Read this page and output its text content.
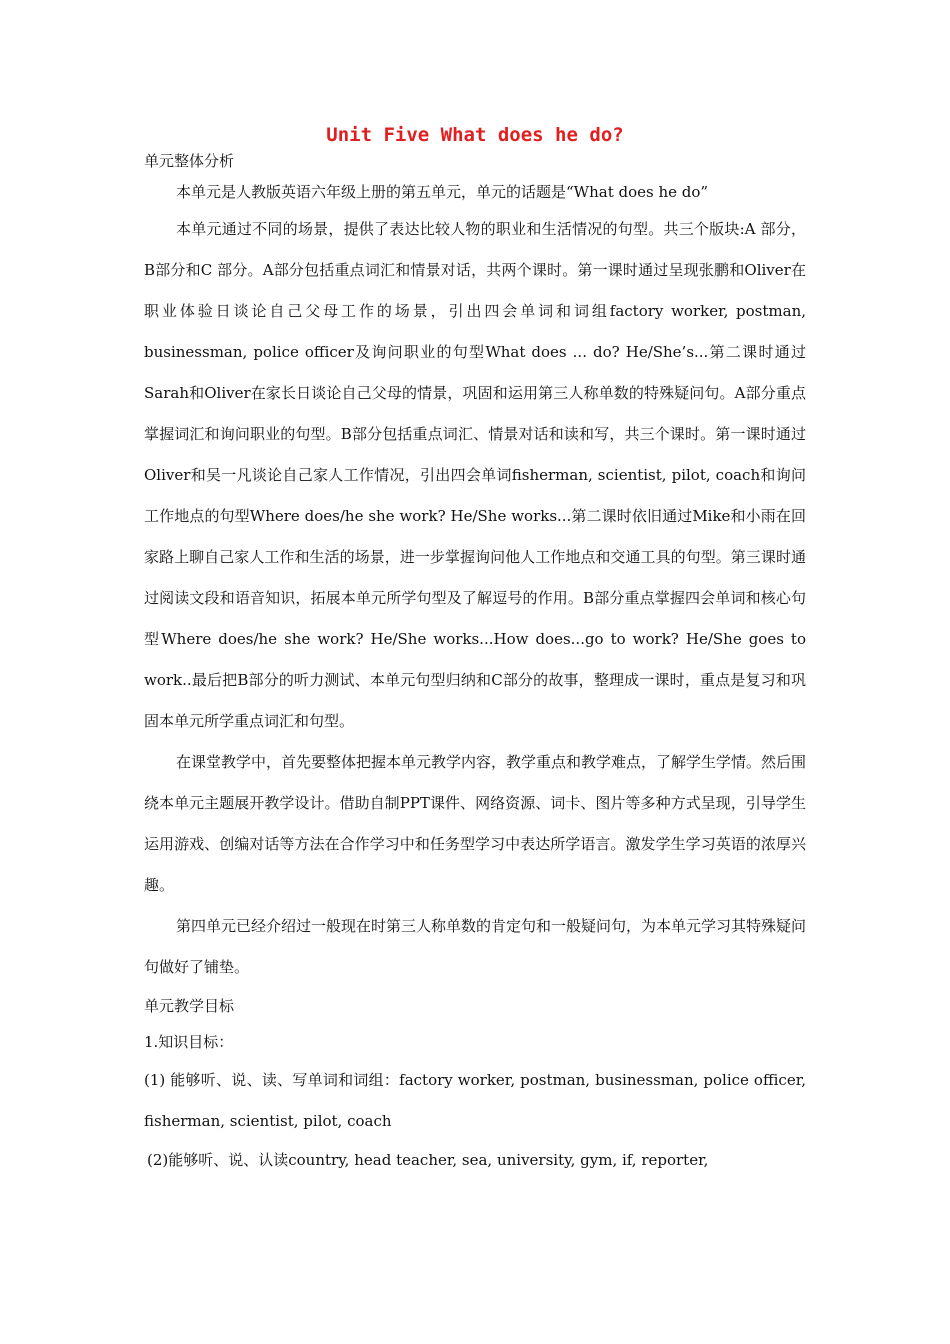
Unit Five What does he do?

单元整体分析

本单元是人教版英语六年级上册的第五单元，单元的话题是“What does he do”

本单元通过不同的场景，提供了表达比较人物的职业和生活情况的句型。共三个版块:A 部分，B部分和C 部分。A部分包括重点词汇和情景对话，共两个课时。第一课时通过呈现张鹏和Oliver在职业体验日谈论自己父母工作的场景，引出四会单词和词组factory worker, postman, businessman, police officer及询问职业的句型What does ... do? He/She’s...第二课时通过Sarah和Oliver在家长日谈论自己父母的情景，巩固和运用第三人称单数的特殊疑问句。A部分重点掌握词汇和询问职业的句型。B部分包括重点词汇、情景对话和读和写，共三个课时。第一课时通过Oliver和吴一凡谈论自己家人工作情况，引出四会单词fisherman, scientist, pilot, coach和询问工作地点的句型Where does/he she work? He/She works...第二课时依旧通过Mike和小雨在回家路上聊自己家人工作和生活的场景，进一步掌握询问他人工作地点和交通工具的句型。第三课时通过阅读文段和语音知识，拓展本单元所学句型及了解逗号的作用。B部分重点掌握四会单词和核心句型Where does/he she work? He/She works...How does...go to work? He/She goes to work..最后把B部分的听力测试、本单元句型归纳和C部分的故事，整理成一课时，重点是复习和巩固本单元所学重点词汇和句型。

在课堂教学中，首先要整体把握本单元教学内容，教学重点和教学难点，了解学生学情。然后围绕本单元主题展开教学设计。借助自制PPT课件、网络资源、词卡、图片等多种方式呈现，引导学生运用游戏、创编对话等方法在合作学习中和任务型学习中表达所学语言。激发学生学习英语的浓厚兴趣。

第四单元已经介绍过一般现在时第三人称单数的肯定句和一般疑问句，为本单元学习其特殊疑问句做好了铺垫。

单元教学目标

1.知识目标：

(1) 能够听、说、读、写单词和词组：factory worker, postman, businessman, police officer, fisherman, scientist, pilot, coach

(2)能够听、说、认读country, head teacher, sea, university, gym, if, reporter,
